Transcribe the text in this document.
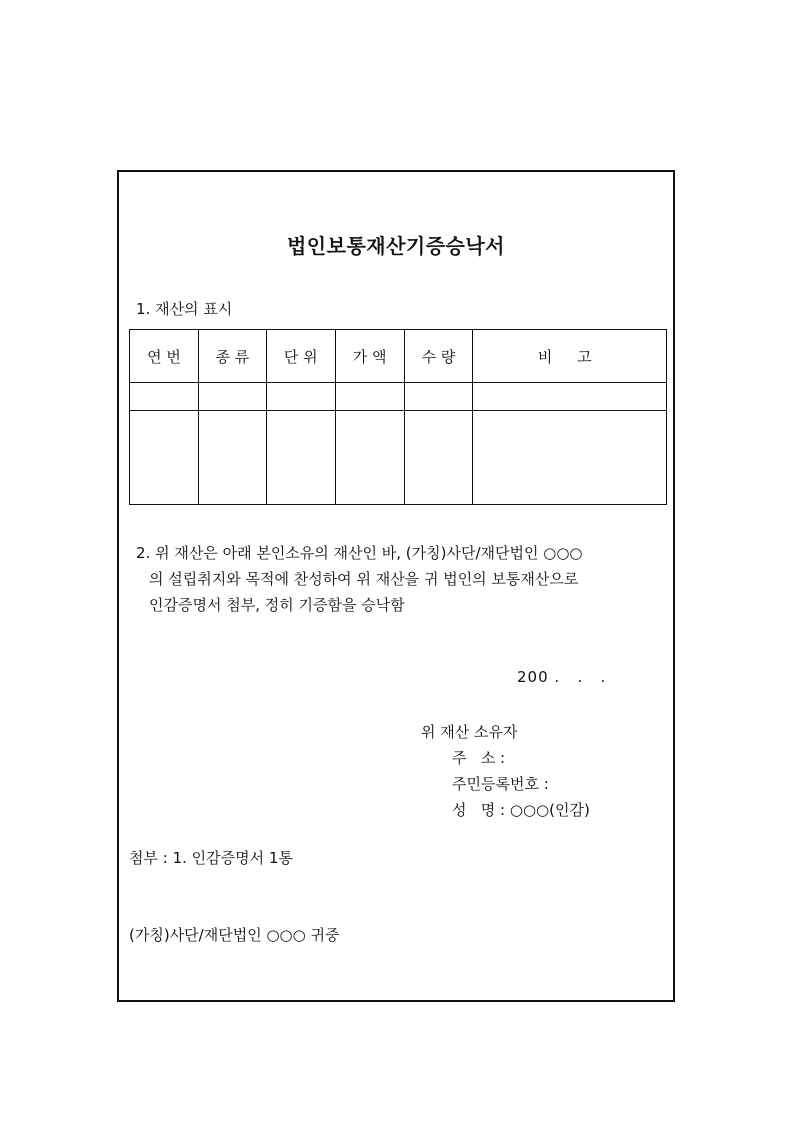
법인보통재산기증승낙서
1. 재산의 표시
연 번	종 류	단 위	가 액	수 량	비 고

2. 위 재산은 아래 본인소유의 재산인 바, (가칭)사단/재단법인 ○○○
의 설립취지와 목적에 찬성하여 위 재산을 귀 법인의 보통재산으로
인감증명서 첨부, 정히 기증함을 승낙함
200 .   .   .
위 재산 소유자
주   소 :
주민등록번호 :
성   명 : ○○○(인감)
첨부 : 1. 인감증명서 1통
(가칭)사단/재단법인 ○○○ 귀중
